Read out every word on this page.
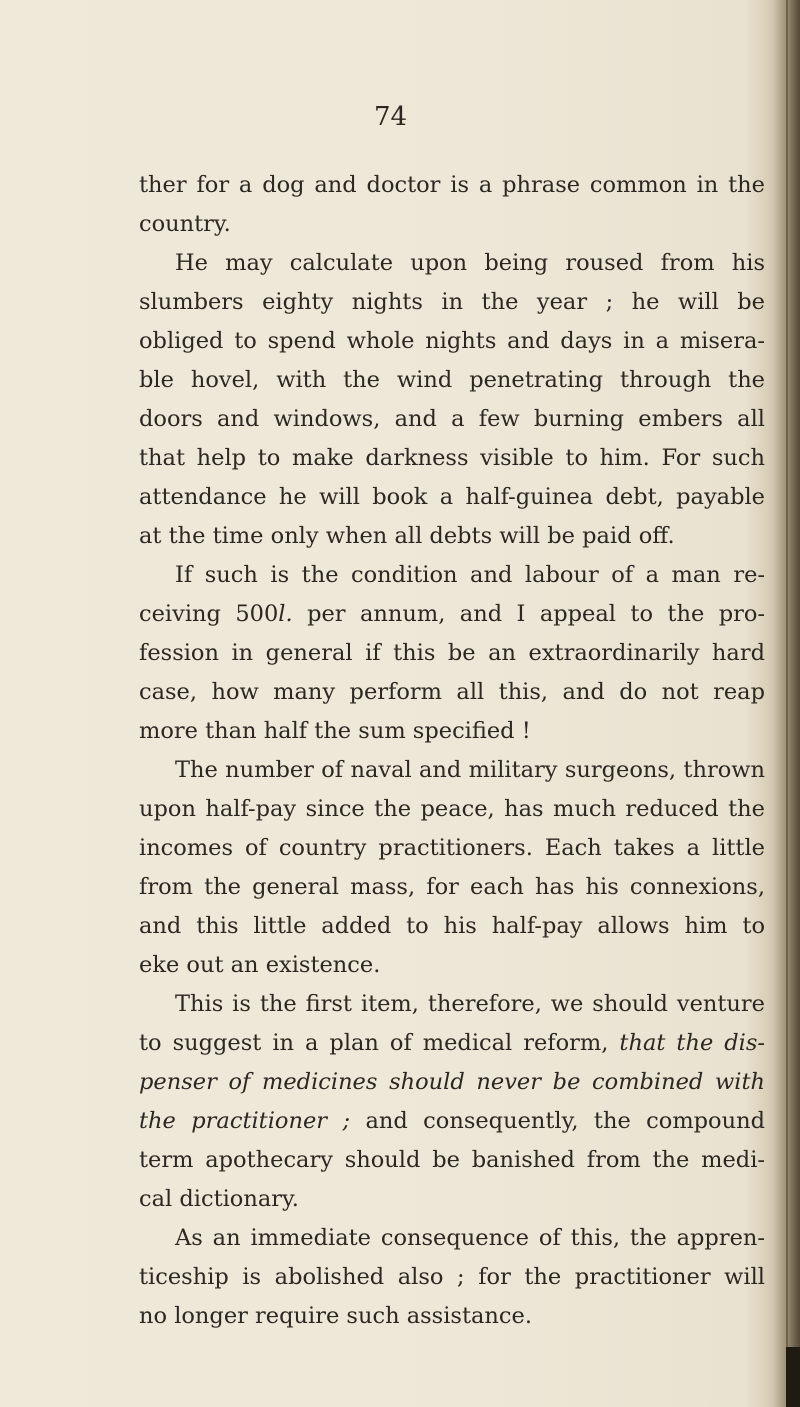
74
ther for a dog and doctor is a phrase common in the
country.
He may calculate upon being roused from his
slumbers eighty nights in the year ; he will be
obliged to spend whole nights and days in a misera-
ble hovel, with the wind penetrating through the
doors and windows, and a few burning embers all
that help to make darkness visible to him. For such
attendance he will book a half-guinea debt, payable
at the time only when all debts will be paid off.
If such is the condition and labour of a man re-
ceiving 500l. per annum, and I appeal to the pro-
fession in general if this be an extraordinarily hard
case, how many perform all this, and do not reap
more than half the sum specified !
The number of naval and military surgeons, thrown
upon half-pay since the peace, has much reduced the
incomes of country practitioners. Each takes a little
from the general mass, for each has his connexions,
and this little added to his half-pay allows him to
eke out an existence.
This is the first item, therefore, we should venture
to suggest in a plan of medical reform, that the dis-
penser of medicines should never be combined with
the practitioner ; and consequently, the compound
term apothecary should be banished from the medi-
cal dictionary.
As an immediate consequence of this, the appren-
ticeship is abolished also ; for the practitioner will
no longer require such assistance.
